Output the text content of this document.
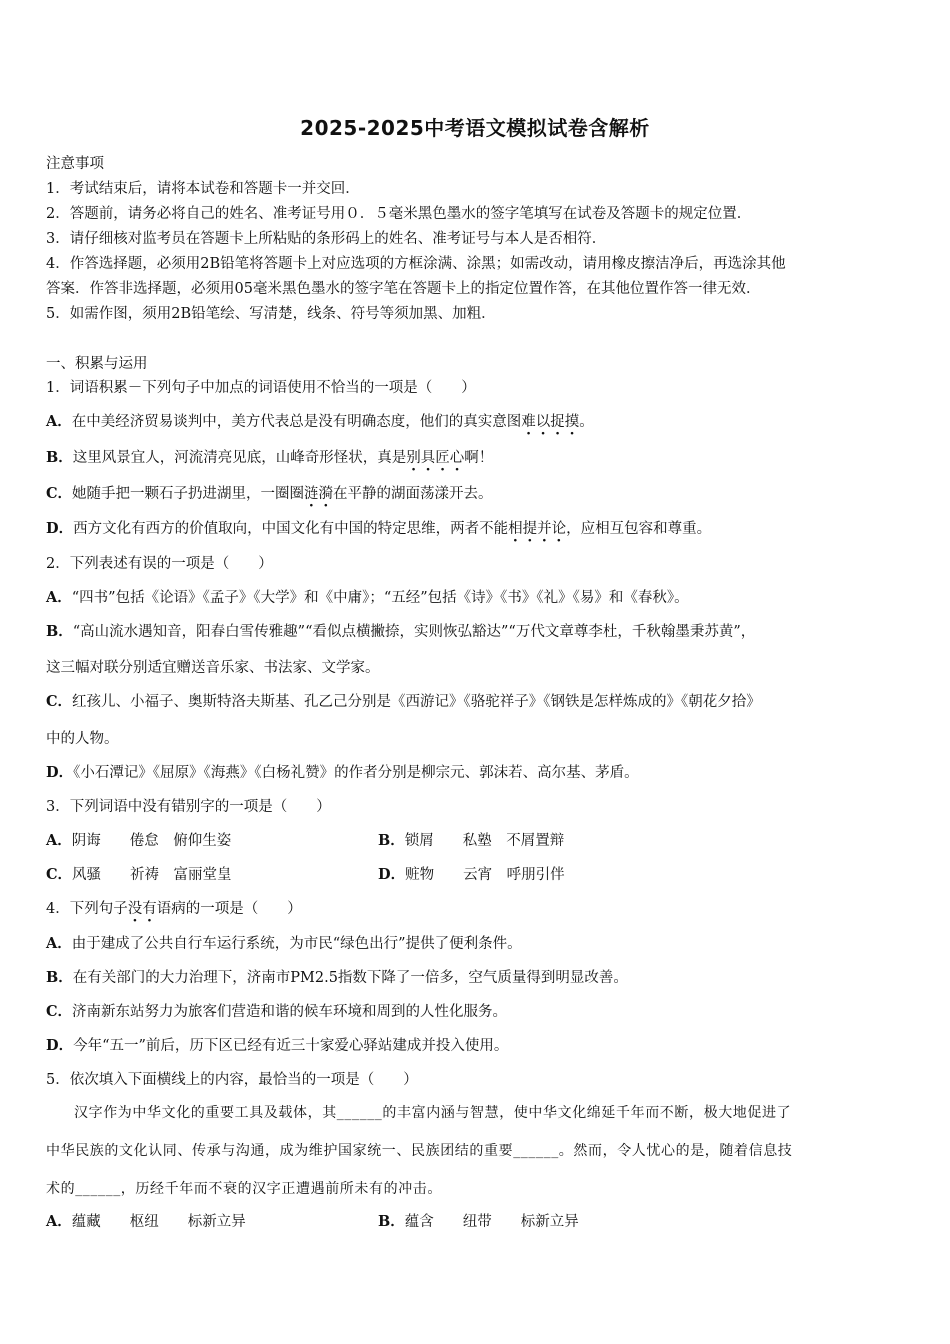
2025-2025中考语文模拟试卷含解析
注意事项
1．考试结束后，请将本试卷和答题卡一并交回．
2．答题前，请务必将自己的姓名、准考证号用０．５毫米黑色墨水的签字笔填写在试卷及答题卡的规定位置．
3．请仔细核对监考员在答题卡上所粘贴的条形码上的姓名、准考证号与本人是否相符．
4．作答选择题，必须用2B铅笔将答题卡上对应选项的方框涂满、涂黑；如需改动，请用橡皮擦洁净后，再选涂其他
答案．作答非选择题，必须用05毫米黑色墨水的签字笔在答题卡上的指定位置作答，在其他位置作答一律无效．
5．如需作图，须用2B铅笔绘、写清楚，线条、符号等须加黑、加粗．
一、积累与运用
1．词语积累－下列句子中加点的词语使用不恰当的一项是（　　）
A．在中美经济贸易谈判中，美方代表总是没有明确态度，他们的真实意图难以捉摸。
B．这里风景宜人，河流清亮见底，山峰奇形怪状，真是别具匠心啊！
C．她随手把一颗石子扔进湖里，一圈圈涟漪在平静的湖面荡漾开去。
D．西方文化有西方的价值取向，中国文化有中国的特定思维，两者不能相提并论，应相互包容和尊重。
2．下列表述有误的一项是（　　）
A．“四书”包括《论语》《孟子》《大学》和《中庸》；“五经”包括《诗》《书》《礼》《易》和《春秋》。
B．“高山流水遇知音，阳春白雪传雅趣”“看似点横撇捺，实则恢弘豁达”“万代文章尊李杜，千秋翰墨秉苏黄”，
这三幅对联分别适宜赠送音乐家、书法家、文学家。
C．红孩儿、小福子、奥斯特洛夫斯基、孔乙己分别是《西游记》《骆驼祥子》《钢铁是怎样炼成的》《朝花夕拾》
中的人物。
D．《小石潭记》《屈原》《海燕》《白杨礼赞》的作者分别是柳宗元、郭沫若、高尔基、茅盾。
3．下列词语中没有错别字的一项是（　　）
A．阴诲　　倦怠　俯仰生姿	B．锁屑　　私塾　不屑置辩
C．风骚　　祈祷　富丽堂皇	D．赃物　　云宵　呼朋引伴
4．下列句子没有语病的一项是（　　）
A．由于建成了公共自行车运行系统，为市民“绿色出行”提供了便利条件。
B．在有关部门的大力治理下，济南市PM2.5指数下降了一倍多，空气质量得到明显改善。
C．济南新东站努力为旅客们营造和谐的候车环境和周到的人性化服务。
D．今年“五一”前后，历下区已经有近三十家爱心驿站建成并投入使用。
5．依次填入下面横线上的内容，最恰当的一项是（　　）
汉字作为中华文化的重要工具及载体，其______的丰富内涵与智慧，使中华文化绵延千年而不断，极大地促进了
中华民族的文化认同、传承与沟通，成为维护国家统一、民族团结的重要______。然而，令人忧心的是，随着信息技
术的______，历经千年而不衰的汉字正遭遇前所未有的冲击。
A．蕴藏　　枢纽　　标新立异	B．蕴含　　纽带　　标新立异
